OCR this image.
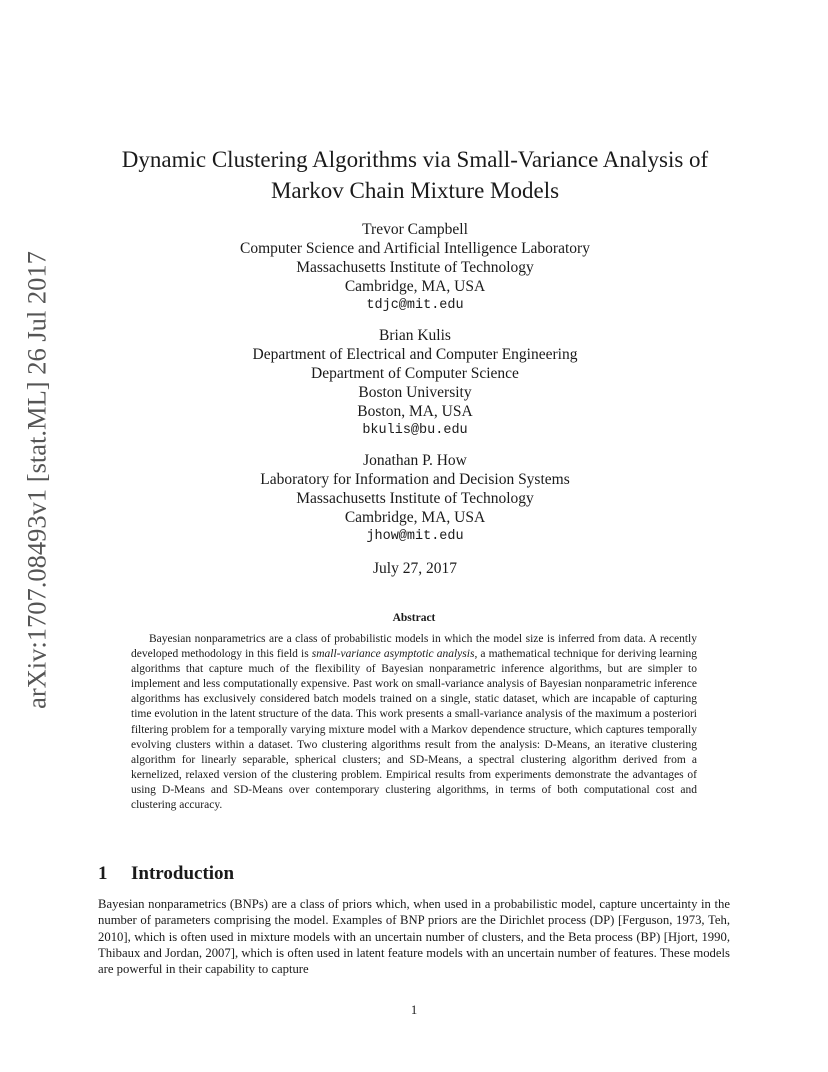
arXiv:1707.08493v1 [stat.ML] 26 Jul 2017
Dynamic Clustering Algorithms via Small-Variance Analysis of
Markov Chain Mixture Models
Trevor Campbell
Computer Science and Artificial Intelligence Laboratory
Massachusetts Institute of Technology
Cambridge, MA, USA
tdjc@mit.edu
Brian Kulis
Department of Electrical and Computer Engineering
Department of Computer Science
Boston University
Boston, MA, USA
bkulis@bu.edu
Jonathan P. How
Laboratory for Information and Decision Systems
Massachusetts Institute of Technology
Cambridge, MA, USA
jhow@mit.edu
July 27, 2017
Abstract

Bayesian nonparametrics are a class of probabilistic models in which the model size is inferred from data. A recently developed methodology in this field is small-variance asymptotic analysis, a mathematical technique for deriving learning algorithms that capture much of the flexibility of Bayesian nonparametric inference algorithms, but are simpler to implement and less computationally expensive. Past work on small-variance analysis of Bayesian nonparametric inference algorithms has exclusively considered batch models trained on a single, static dataset, which are incapable of capturing time evolution in the latent structure of the data. This work presents a small-variance analysis of the maximum a posteriori filtering problem for a temporally varying mixture model with a Markov dependence structure, which captures temporally evolving clusters within a dataset. Two clustering algorithms result from the analysis: D-Means, an iterative clustering algorithm for linearly separable, spherical clusters; and SD-Means, a spectral clustering algorithm derived from a kernelized, relaxed version of the clustering problem. Empirical results from experiments demonstrate the advantages of using D-Means and SD-Means over contemporary clustering algorithms, in terms of both computational cost and clustering accuracy.

1 Introduction

Bayesian nonparametrics (BNPs) are a class of priors which, when used in a probabilistic model, capture uncertainty in the number of parameters comprising the model. Examples of BNP priors are the Dirichlet process (DP) [Ferguson, 1973, Teh, 2010], which is often used in mixture models with an uncertain number of clusters, and the Beta process (BP) [Hjort, 1990, Thibaux and Jordan, 2007], which is often used in latent feature models with an uncertain number of features. These models are powerful in their capability to capture

1
